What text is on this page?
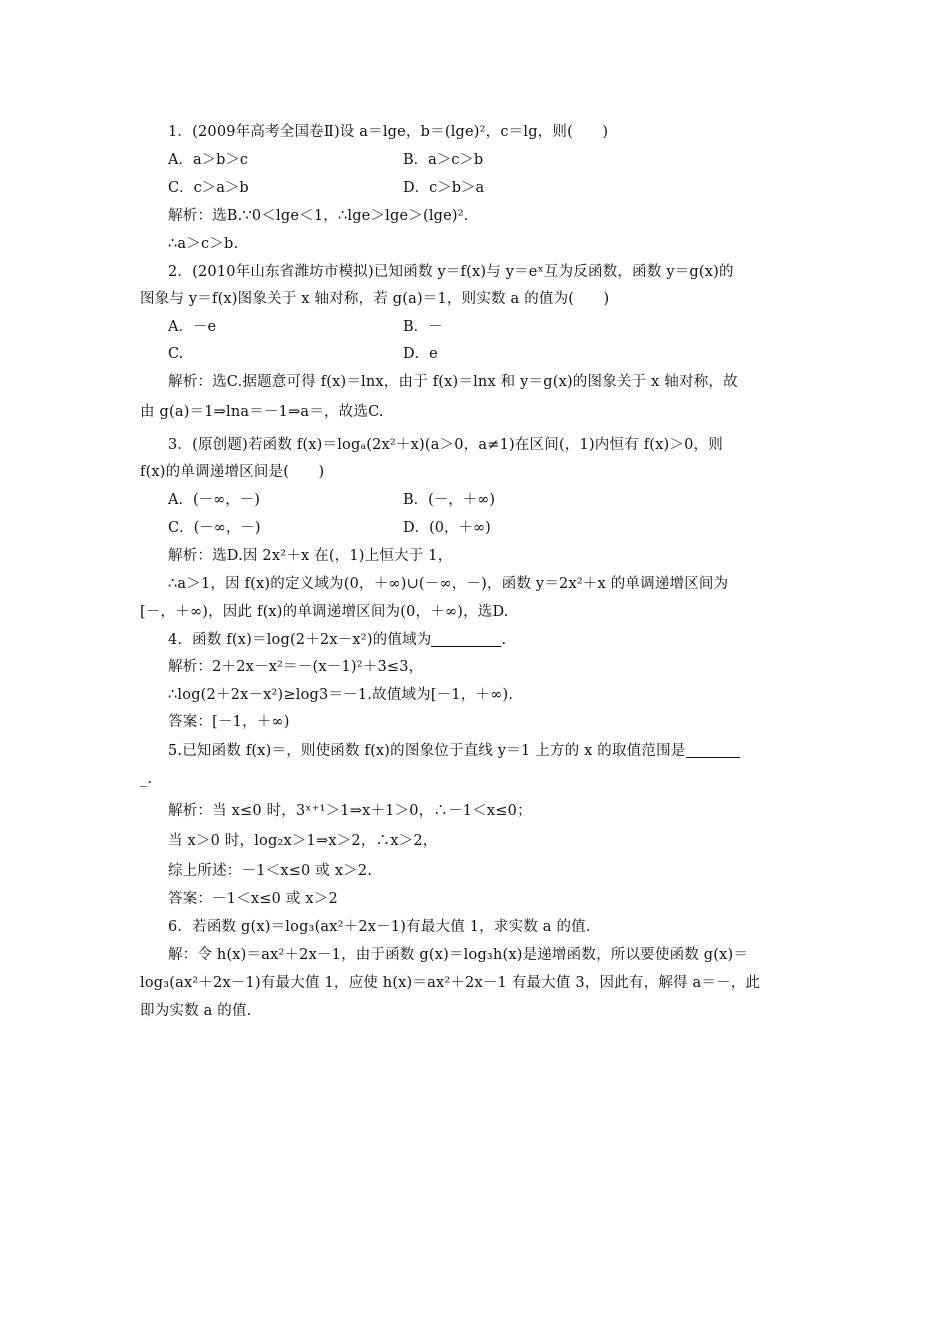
1．(2009年高考全国卷Ⅱ)设 a＝lge，b＝(lge)²，c＝lg，则(　　)
A．a＞b＞c	B．a＞c＞b
C．c＞a＞b	D．c＞b＞a
解析：选B.∵0＜lge＜1，∴lge＞lge＞(lge)².
∴a＞c＞b.
2．(2010年山东省潍坊市模拟)已知函数 y＝f(x)与 y＝eˣ互为反函数，函数 y＝g(x)的
图象与 y＝f(x)图象关于 x 轴对称，若 g(a)＝1，则实数 a 的值为(　　)
A．－e	B．－
C.	D．e
解析：选C.据题意可得 f(x)＝lnx，由于 f(x)＝lnx 和 y＝g(x)的图象关于 x 轴对称，故
由 g(a)＝1⇒lna＝－1⇒a＝，故选C.
3．(原创题)若函数 f(x)＝logₐ(2x²＋x)(a＞0，a≠1)在区间(，1)内恒有 f(x)＞0，则
f(x)的单调递增区间是(　　)
A．(－∞，－)	B．(－，＋∞)
C．(－∞，－)	D．(0，＋∞)
解析：选D.因 2x²＋x 在(，1)上恒大于 1，
∴a＞1，因 f(x)的定义域为(0，＋∞)∪(－∞，－)，函数 y＝2x²＋x 的单调递增区间为
[－，＋∞)，因此 f(x)的单调递增区间为(0，＋∞)，选D.
4．函数 f(x)＝log(2＋2x－x²)的值域为	.
解析：2＋2x－x²＝－(x－1)²＋3≤3，
∴log(2＋2x－x²)≥log3＝－1.故值域为[－1，＋∞).
答案：[－1，＋∞)
5.已知函数 f(x)＝，则使函数 f(x)的图象位于直线 y＝1 上方的 x 的取值范围是
_.
解析：当 x≤0 时，3ˣ⁺¹＞1⇒x＋1＞0，∴－1＜x≤0；
当 x＞0 时，log₂x＞1⇒x＞2，∴x＞2，
综上所述：－1＜x≤0 或 x＞2.
答案：－1＜x≤0 或 x＞2
6．若函数 g(x)＝log₃(ax²＋2x－1)有最大值 1，求实数 a 的值.
解：令 h(x)＝ax²＋2x－1，由于函数 g(x)＝log₃h(x)是递增函数，所以要使函数 g(x)＝
log₃(ax²＋2x－1)有最大值 1，应使 h(x)＝ax²＋2x－1 有最大值 3，因此有，解得 a＝－，此
即为实数 a 的值.
